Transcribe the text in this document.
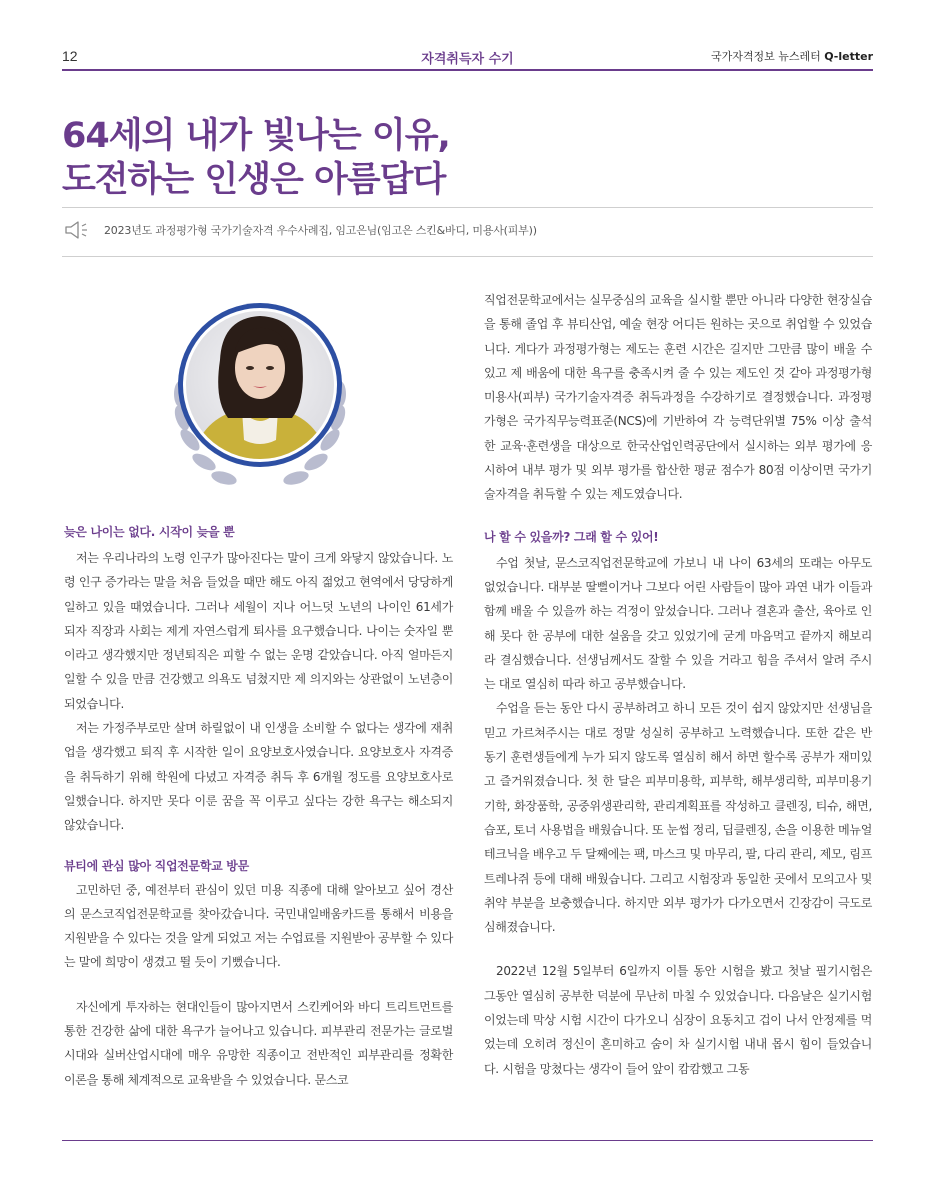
12	자격취득자 수기	국가자격정보 뉴스레터 Q-letter
64세의 내가 빛나는 이유,
도전하는 인생은 아름답다
2023년도 과정평가형 국가기술자격 우수사례집, 임고은님(임고은 스킨&바디, 미용사(피부))

늦은 나이는 없다. 시작이 늦을 뿐

저는 우리나라의 노령 인구가 많아진다는 말이 크게 와닿지 않았습니다. 노령 인구 증가라는 말을 처음 들었을 때만 해도 아직 젊었고 현역에서 당당하게 일하고 있을 때였습니다. 그러나 세월이 지나 어느덧 노년의 나이인 61세가 되자 직장과 사회는 제게 자연스럽게 퇴사를 요구했습니다. 나이는 숫자일 뿐이라고 생각했지만 정년퇴직은 피할 수 없는 운명 같았습니다. 아직 얼마든지 일할 수 있을 만큼 건강했고 의욕도 넘쳤지만 제 의지와는 상관없이 노년층이 되었습니다.

저는 가정주부로만 살며 하릴없이 내 인생을 소비할 수 없다는 생각에 재취업을 생각했고 퇴직 후 시작한 일이 요양보호사였습니다. 요양보호사 자격증을 취득하기 위해 학원에 다녔고 자격증 취득 후 6개월 정도를 요양보호사로 일했습니다. 하지만 못다 이룬 꿈을 꼭 이루고 싶다는 강한 욕구는 해소되지 않았습니다.

뷰티에 관심 많아 직업전문학교 방문

고민하던 중, 예전부터 관심이 있던 미용 직종에 대해 알아보고 싶어 경산의 문스코직업전문학교를 찾아갔습니다. 국민내일배움카드를 통해서 비용을 지원받을 수 있다는 것을 알게 되었고 저는 수업료를 지원받아 공부할 수 있다는 말에 희망이 생겼고 뛸 듯이 기뻤습니다.

자신에게 투자하는 현대인들이 많아지면서 스킨케어와 바디 트리트먼트를 통한 건강한 삶에 대한 욕구가 늘어나고 있습니다. 피부관리 전문가는 글로벌 시대와 실버산업시대에 매우 유망한 직종이고 전반적인 피부관리를 정확한 이론을 통해 체계적으로 교육받을 수 있었습니다. 문스코

직업전문학교에서는 실무중심의 교육을 실시할 뿐만 아니라 다양한 현장실습을 통해 졸업 후 뷰티산업, 예술 현장 어디든 원하는 곳으로 취업할 수 있었습니다. 게다가 과정평가형는 제도는 훈련 시간은 길지만 그만큼 많이 배울 수 있고 제 배움에 대한 욕구를 충족시켜 줄 수 있는 제도인 것 같아 과정평가형 미용사(피부) 국가기술자격증 취득과정을 수강하기로 결정했습니다. 과정평가형은 국가직무능력표준(NCS)에 기반하여 각 능력단위별 75% 이상 출석한 교육·훈련생을 대상으로 한국산업인력공단에서 실시하는 외부 평가에 응시하여 내부 평가 및 외부 평가를 합산한 평균 점수가 80점 이상이면 국가기술자격을 취득할 수 있는 제도였습니다.

나 할 수 있을까? 그래 할 수 있어!

수업 첫날, 문스코직업전문학교에 가보니 내 나이 63세의 또래는 아무도 없었습니다. 대부분 딸뻘이거나 그보다 어린 사람들이 많아 과연 내가 이들과 함께 배울 수 있을까 하는 걱정이 앞섰습니다. 그러나 결혼과 출산, 육아로 인해 못다 한 공부에 대한 설움을 갖고 있었기에 굳게 마음먹고 끝까지 해보리라 결심했습니다. 선생님께서도 잘할 수 있을 거라고 힘을 주셔서 알려 주시는 대로 열심히 따라 하고 공부했습니다.

수업을 듣는 동안 다시 공부하려고 하니 모든 것이 쉽지 않았지만 선생님을 믿고 가르쳐주시는 대로 정말 성실히 공부하고 노력했습니다. 또한 같은 반 동기 훈련생들에게 누가 되지 않도록 열심히 해서 하면 할수록 공부가 재미있고 즐거워졌습니다. 첫 한 달은 피부미용학, 피부학, 해부생리학, 피부미용기기학, 화장품학, 공중위생관리학, 관리계획표를 작성하고 클렌징, 티슈, 해면, 습포, 토너 사용법을 배웠습니다. 또 눈썹 정리, 딥클렌징, 손을 이용한 메뉴얼 테크닉을 배우고 두 달째에는 팩, 마스크 및 마무리, 팔, 다리 관리, 제모, 림프트레나쥐 등에 대해 배웠습니다. 그리고 시험장과 동일한 곳에서 모의고사 및 취약 부분을 보충했습니다. 하지만 외부 평가가 다가오면서 긴장감이 극도로 심해졌습니다.

2022년 12월 5일부터 6일까지 이틀 동안 시험을 봤고 첫날 필기시험은 그동안 열심히 공부한 덕분에 무난히 마칠 수 있었습니다. 다음날은 실기시험이었는데 막상 시험 시간이 다가오니 심장이 요동치고 겁이 나서 안정제를 먹었는데 오히려 정신이 혼미하고 숨이 차 실기시험 내내 몹시 힘이 들었습니다. 시험을 망쳤다는 생각이 들어 앞이 캄캄했고 그동
